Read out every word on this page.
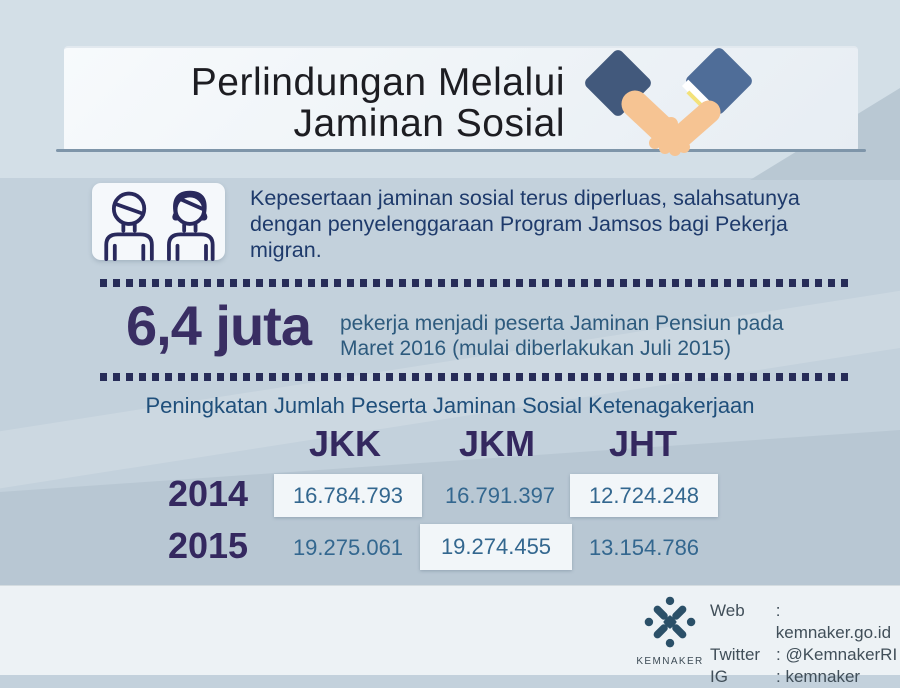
Perlindungan Melalui
Jaminan Sosial
Kepesertaan jaminan sosial terus diperluas, salahsatunya
dengan penyelenggaraan Program Jamsos bagi Pekerja
migran.
6,4 juta pekerja menjadi peserta Jaminan Pensiun pada
Maret 2016 (mulai diberlakukan Juli 2015)
Peningkatan Jumlah Peserta Jaminan Sosial Ketenagakerjaan
JKK	JKM	JHT
2014	16.784.793	16.791.397	12.724.248
2015	19.275.061	19.274.455	13.154.786
KEMNAKER
Web	: kemnaker.go.id
Twitter : @KemnakerRI
IG	: kemnaker
